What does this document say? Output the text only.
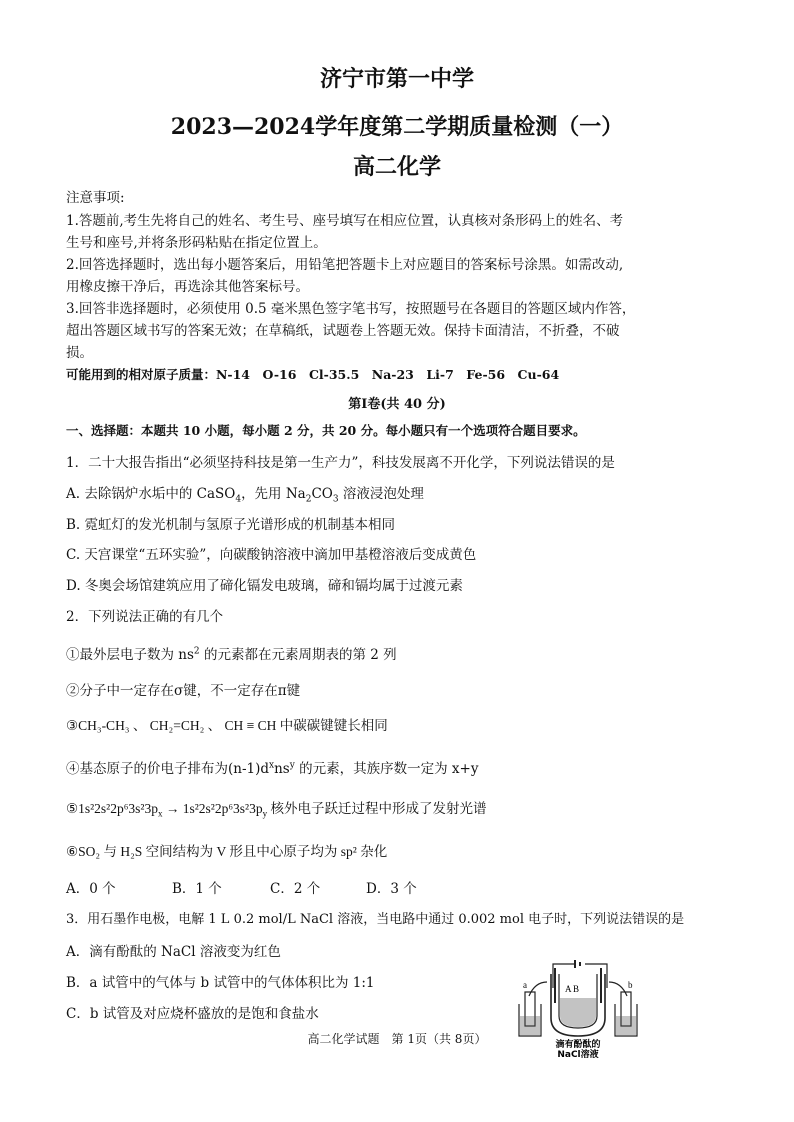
济宁市第一中学
2023—2024学年度第二学期质量检测（一）
高二化学
注意事项:
1.答题前,考生先将自己的姓名、考生号、座号填写在相应位置，认真核对条形码上的姓名、考
生号和座号,并将条形码粘贴在指定位置上。
2.回答选择题时，选出每小题答案后，用铅笔把答题卡上对应题目的答案标号涂黑。如需改动,
用橡皮擦干净后，再选涂其他答案标号。
3.回答非选择题时，必须使用 0.5 毫米黑色签字笔书写，按照题号在各题目的答题区域内作答，
超出答题区域书写的答案无效；在草稿纸，试题卷上答题无效。保持卡面清洁，不折叠，不破
损。
可能用到的相对原子质量：N-14　O-16　Cl-35.5　Na-23　Li-7　Fe-56　Cu-64
第Ⅰ卷(共 40 分)
一、选择题：本题共 10 小题，每小题 2 分，共 20 分。每小题只有一个选项符合题目要求。
1．二十大报告指出“必须坚持科技是第一生产力”，科技发展离不开化学，下列说法错误的是
A. 去除锅炉水垢中的 CaSO$_4$，先用 $Na_2CO_3$ 溶液浸泡处理
B. 霓虹灯的发光机制与氢原子光谱形成的机制基本相同
C. 天宫课堂“五环实验”，向碳酸钠溶液中滴加甲基橙溶液后变成黄色
D. 冬奥会场馆建筑应用了碲化镉发电玻璃，碲和镉均属于过渡元素
2．下列说法正确的有几个
①最外层电子数为 $ns^2$ 的元素都在元素周期表的第 2 列
②分子中一定存在σ键，不一定存在π键
③CH₃-CH₃ 、 CH₂=CH₂ 、 CH ≡ CH 中碳碳键键长相同
④基态原子的价电子排布为$(n-1)d^xns^y$ 的元素，其族序数一定为 x+y
$⑤1s^22s^22p^63s^23p_x \to 1s^22s^22p^63s^23p_y$ 核外电子跃迁过程中形成了发射光谱
⑥SO₂ 与 H₂S 空间结构为 V 形且中心原子均为 sp² 杂化
A．0 个	B．1 个	C．2 个	D．3 个
3．用石墨作电极，电解 1 L 0.2 mol/L NaCl 溶液，当电路中通过 0.002 mol 电子时，下列说法错误的是
A．滴有酚酞的 NaCl 溶液变为红色
B．a 试管中的气体与 b 试管中的气体体积比为 1:1
C．b 试管及对应烧杯盛放的是饱和食盐水
a	b
A B
滴有酚酞的
NaCl溶液
高二化学试题　第 1页（共 8页）
